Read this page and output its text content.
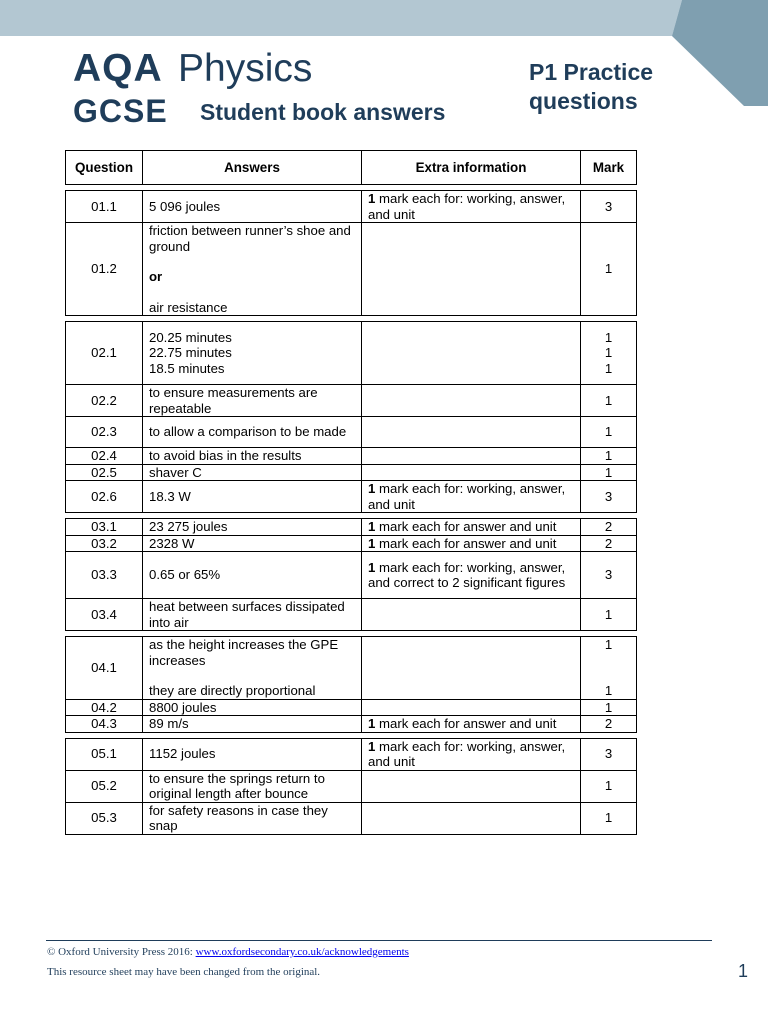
AQA Physics
GCSE Student book answers
P1 Practice
questions
Question	Answers	Extra information	Mark

01.1	5 096 joules	1 mark each for: working, answer, and unit	3
01.2	friction between runner’s shoe and ground
or
air resistance		1

02.1	20.25 minutes
22.75 minutes
18.5 minutes		1
1
1

02.2	to ensure measurements are repeatable		1
02.3	to allow a comparison to be made		1
02.4	to avoid bias in the results		1
02.5	shaver C		1
02.6	18.3 W	1 mark each for: working, answer, and unit	3

03.1	23 275 joules	1 mark each for answer and unit	2
03.2	2328 W	1 mark each for answer and unit	2
03.3	0.65 or 65%	1 mark each for: working, answer, and correct to 2 significant figures	3
03.4	heat between surfaces dissipated into air		1

04.1	as the height increases the GPE increases
they are directly proportional		1
1

04.2	8800 joules		1
04.3	89 m/s	1 mark each for answer and unit	2

05.1	1152 joules	1 mark each for: working, answer, and unit	3
05.2	to ensure the springs return to original length after bounce		1
05.3	for safety reasons in case they snap		1
© Oxford University Press 2016: www.oxfordsecondary.co.uk/acknowledgements
This resource sheet may have been changed from the original.	1
